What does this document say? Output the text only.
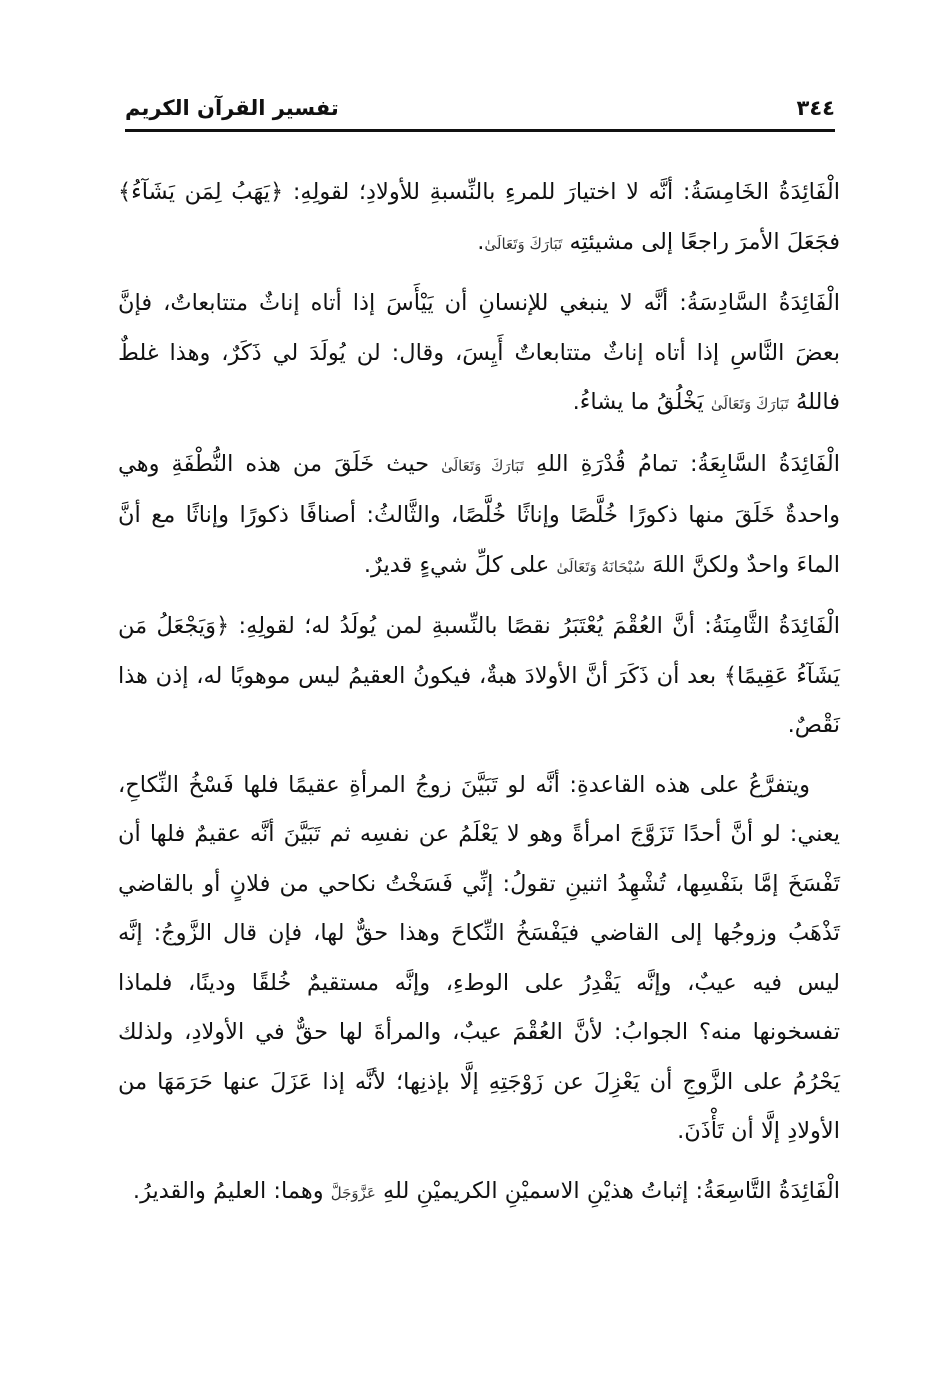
٣٤٤
تفسير القرآن الكريم

الْفَائِدَةُ الخَامِسَةُ: أنَّه لا اختيارَ للمرءِ بالنِّسبةِ للأولادِ؛ لقولِهِ: ﴿يَهَبُ لِمَن يَشَآءُ﴾ فجَعَلَ الأمرَ راجعًا إلى مشيئتِه تَبَارَكَ وَتَعَالَىٰ.

الْفَائِدَةُ السَّادِسَةُ: أنَّه لا ينبغي للإنسانِ أن يَيْأَسَ إذا أتاه إناثٌ متتابعاتٌ، فإنَّ بعضَ النَّاسِ إذا أتاه إناثٌ متتابعاتٌ أَيِسَ، وقال: لن يُولَدَ لي ذَكَرٌ، وهذا غلطٌ فاللهُ تَبَارَكَ وَتَعَالَىٰ يَخْلُقُ ما يشاءُ.

الْفَائِدَةُ السَّابِعَةُ: تمامُ قُدْرَةِ اللهِ تَبَارَكَ وَتَعَالَىٰ حيث خَلَقَ من هذه النُّطْفَةِ وهي واحدةٌ خَلَقَ منها ذكورًا خُلَّصًا وإناثًا خُلَّصًا، والثَّالثُ: أصنافًا ذكورًا وإناثًا مع أنَّ الماءَ واحدٌ ولكنَّ اللهَ سُبْحَانَهُ وَتَعَالَىٰ على كلِّ شيءٍ قديرٌ.

الْفَائِدَةُ الثَّامِنَةُ: أنَّ العُقْمَ يُعْتَبَرُ نقصًا بالنِّسبةِ لمن يُولَدُ له؛ لقولِهِ: ﴿وَيَجْعَلُ مَن يَشَآءُ عَقِيمًا﴾ بعد أن ذَكَرَ أنَّ الأولادَ هبةٌ، فيكونُ العقيمُ ليس موهوبًا له، إذن هذا نَقْصٌ.

ويتفرَّعُ على هذه القاعدةِ: أنَّه لو تَبَيَّنَ زوجُ المرأةِ عقيمًا فلها فَسْخُ النِّكاحِ، يعني: لو أنَّ أحدًا تَزَوَّجَ امرأةً وهو لا يَعْلَمُ عن نفسِه ثم تَبَيَّنَ أنَّه عقيمٌ فلها أن تَفْسَخَ إمَّا بنَفْسِها، تُشْهِدُ اثنينِ تقولُ: إنِّي فَسَخْتُ نكاحي من فلانٍ أو بالقاضي تَذْهَبُ وزوجُها إلى القاضي فيَفْسَخُ النِّكاحَ وهذا حقٌّ لها، فإن قال الزَّوجُ: إنَّه ليس فيه عيبٌ، وإنَّه يَقْدِرُ على الوطءِ، وإنَّه مستقيمٌ خُلقًا ودينًا، فلماذا تفسخونها منه؟ الجوابُ: لأنَّ العُقْمَ عيبٌ، والمرأةَ لها حقٌّ في الأولادِ، ولذلك يَحْرُمُ على الزَّوجِ أن يَعْزِلَ عن زَوْجَتِهِ إلَّا بإذنِها؛ لأنَّه إذا عَزَلَ عنها حَرَمَهَا من الأولادِ إلَّا أن تَأْذَنَ.

الْفَائِدَةُ التَّاسِعَةُ: إثباتُ هذيْنِ الاسميْنِ الكريميْنِ للهِ عَزَّوَجَلَّ وهما: العليمُ والقديرُ.
